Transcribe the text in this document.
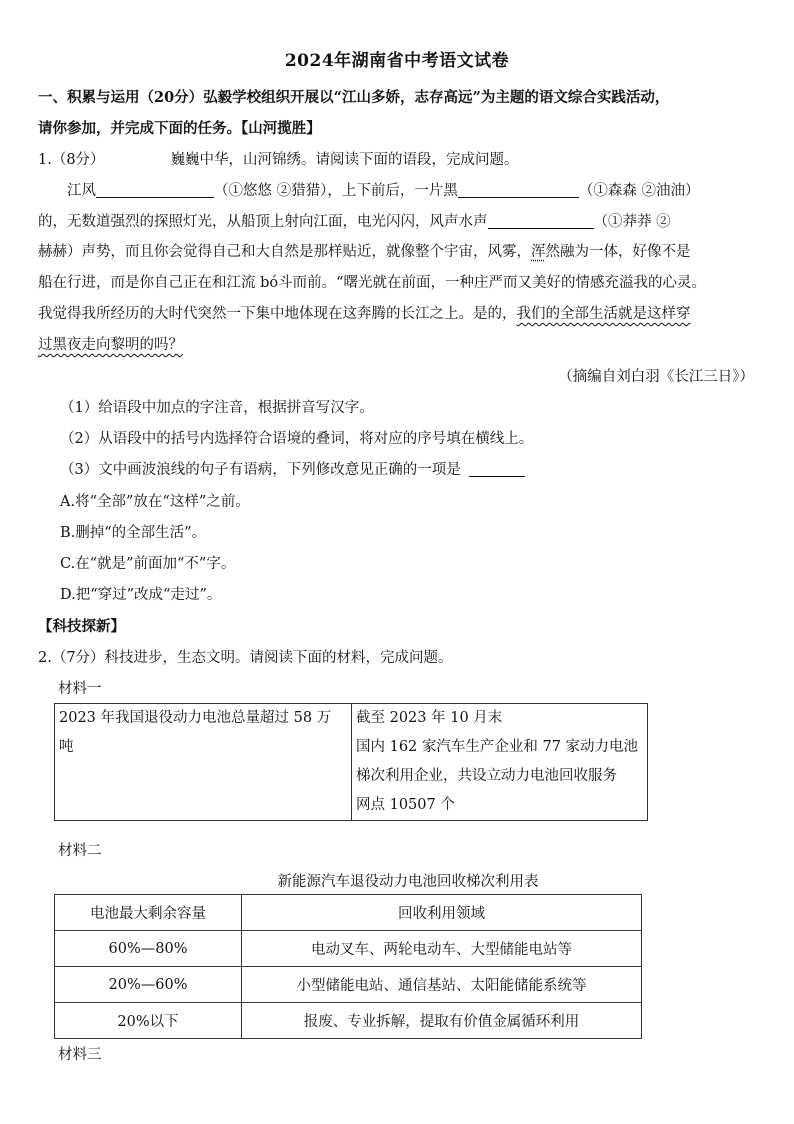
2024年湖南省中考语文试卷
一、积累与运用（20分）弘毅学校组织开展以“江山多娇，志存高远”为主题的语文综合实践活动，
请你参加，并完成下面的任务。【山河揽胜】
1.（8分）	巍巍中华，山河锦绣。请阅读下面的语段，完成问题。
江风	（①悠悠 ②猎猎），上下前后，一片黑	（①森森 ②油油）
的，无数道强烈的探照灯光，从船顶上射向江面，电光闪闪，风声水声	（①莽莽 ②
赫赫）声势，而且你会觉得自己和大自然是那样贴近，就像整个宇宙，风雾，浑然融为一体，好像不是
船在行进，而是你自己正在和江流 bó斗而前。“曙光就在前面，一种庄严而又美好的情感充溢我的心灵。
我觉得我所经历的大时代突然一下集中地体现在这奔腾的长江之上。是的，我们的全部生活就是这样穿
过黑夜走向黎明的吗？
（摘编自刘白羽《长江三日》）
（1）给语段中加点的字注音，根据拼音写汉字。
（2）从语段中的括号内选择符合语境的叠词，将对应的序号填在横线上。
（3）文中画波浪线的句子有语病，下列修改意见正确的一项是
A.将“全部”放在“这样”之前。
B.删掉“的全部生活”。
C.在“就是”前面加“不”字。
D.把“穿过”改成“走过”。
【科技探新】
2.（7分）科技进步，生态文明。请阅读下面的材料，完成问题。
材料一
2023 年我国退役动力电池总量超过 58 万
吨

截至 2023 年 10 月末
国内 162 家汽车生产企业和 77 家动力电池
梯次利用企业，共设立动力电池回收服务
网点 10507 个
材料二
新能源汽车退役动力电池回收梯次利用表
电池最大剩余容量	回收利用领域
60%—80%	电动叉车、两轮电动车、大型储能电站等
20%—60%	小型储能电站、通信基站、太阳能储能系统等
20%以下	报废、专业拆解，提取有价值金属循环利用
材料三
